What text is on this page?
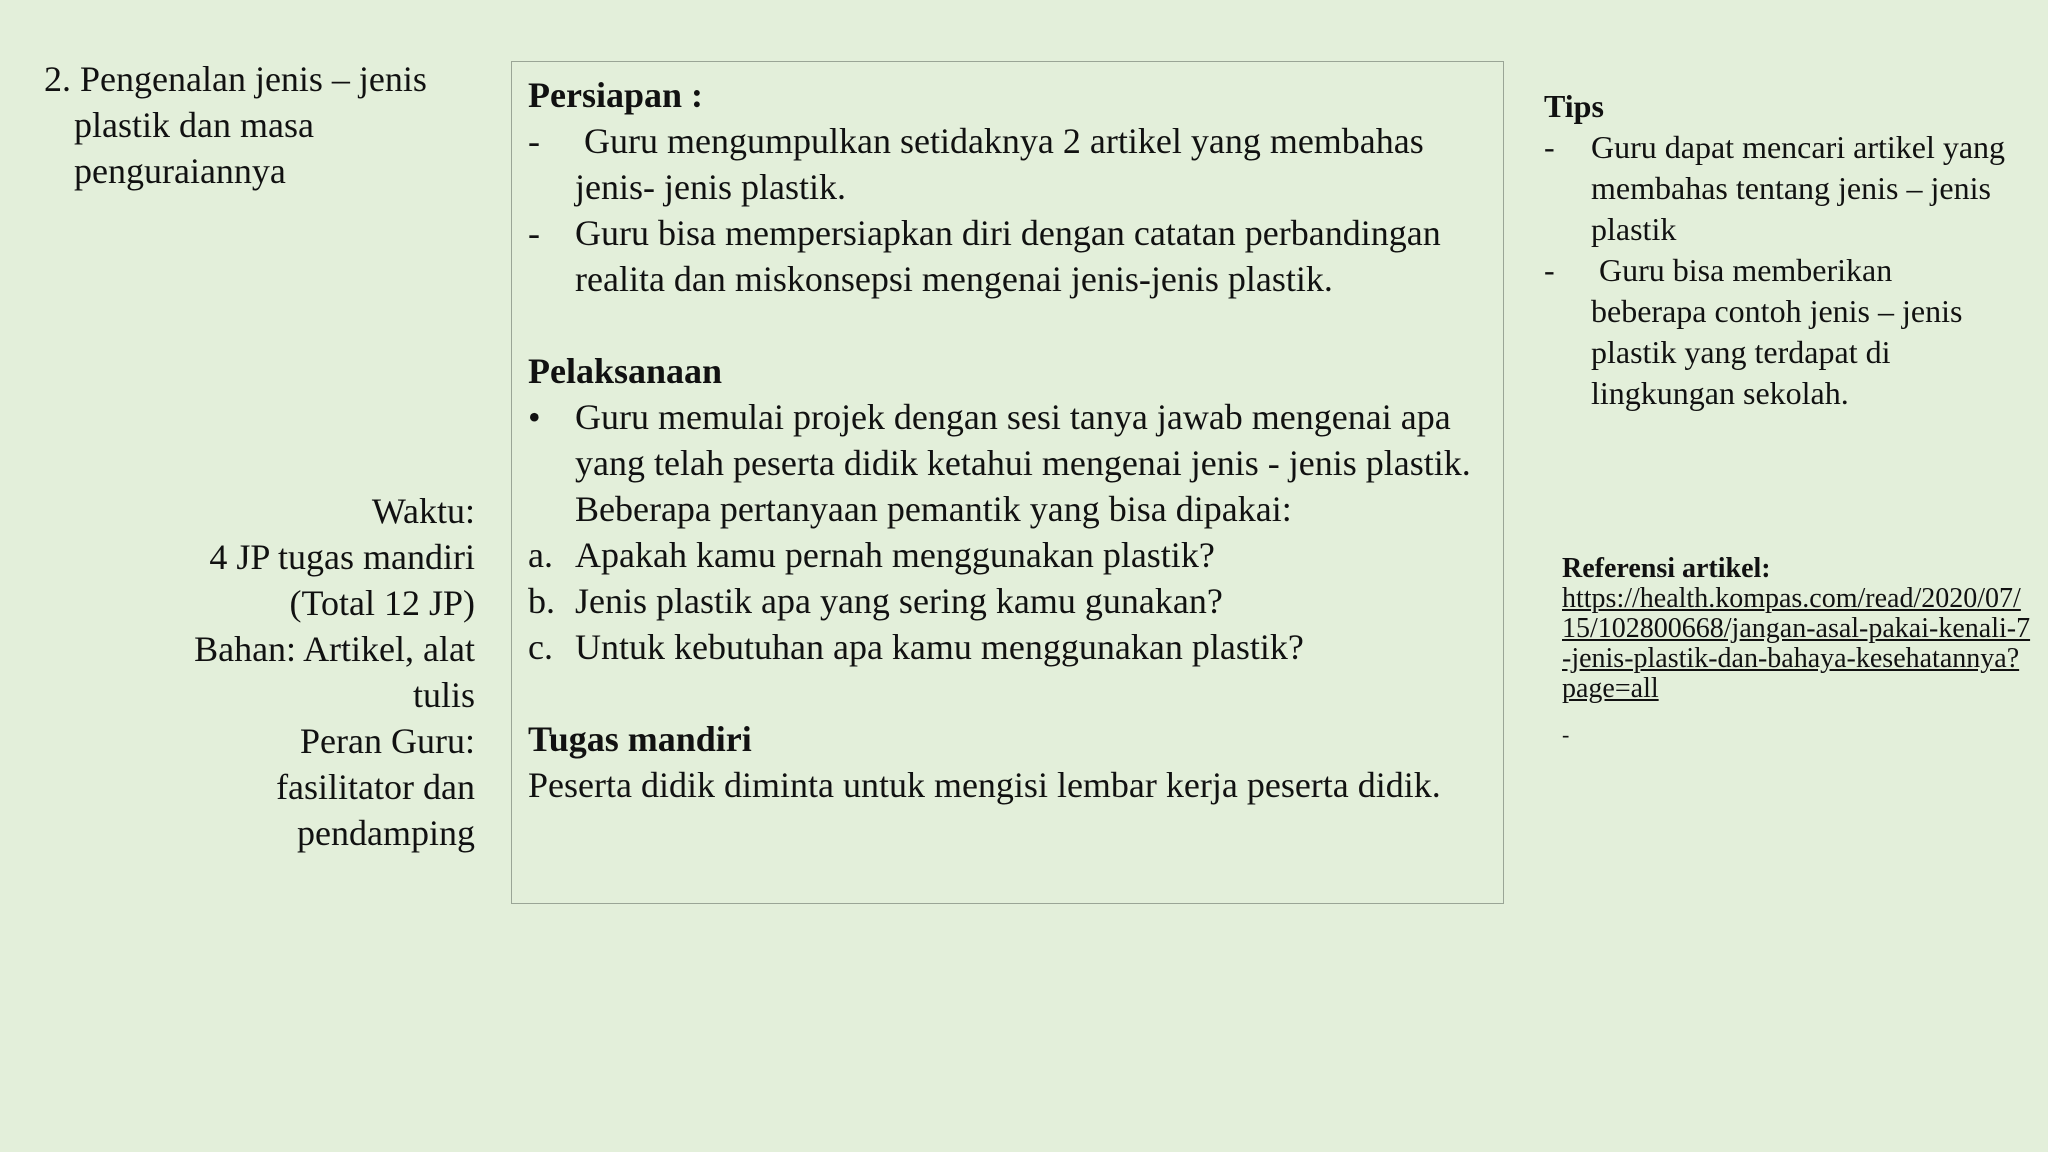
2. Pengenalan jenis – jenis

plastik dan masa
penguraiannya
Waktu:
4 JP tugas mandiri
(Total 12 JP)
Bahan: Artikel, alat
tulis
Peran Guru:
fasilitator dan
pendamping
Persiapan :
- Guru mengumpulkan setidaknya 2 artikel yang membahas jenis- jenis plastik.
- Guru bisa mempersiapkan diri dengan catatan perbandingan realita dan miskonsepsi mengenai jenis-jenis plastik.
Pelaksanaan
• Guru memulai projek dengan sesi tanya jawab mengenai apa yang telah peserta didik ketahui mengenai jenis - jenis plastik. Beberapa pertanyaan pemantik yang bisa dipakai:
a. Apakah kamu pernah menggunakan plastik?
b. Jenis plastik apa yang sering kamu gunakan?
c. Untuk kebutuhan apa kamu menggunakan plastik?
Tugas mandiri
Peserta didik diminta untuk mengisi lembar kerja peserta didik.
Tips
- Guru dapat mencari artikel yang membahas tentang jenis – jenis plastik
- Guru bisa memberikan beberapa contoh jenis – jenis plastik yang terdapat di lingkungan sekolah.
Referensi artikel:
https://health.kompas.com/read/2020/07/15/102800668/jangan-asal-pakai-kenali-7-jenis-plastik-dan-bahaya-kesehatannya?page=all
-
